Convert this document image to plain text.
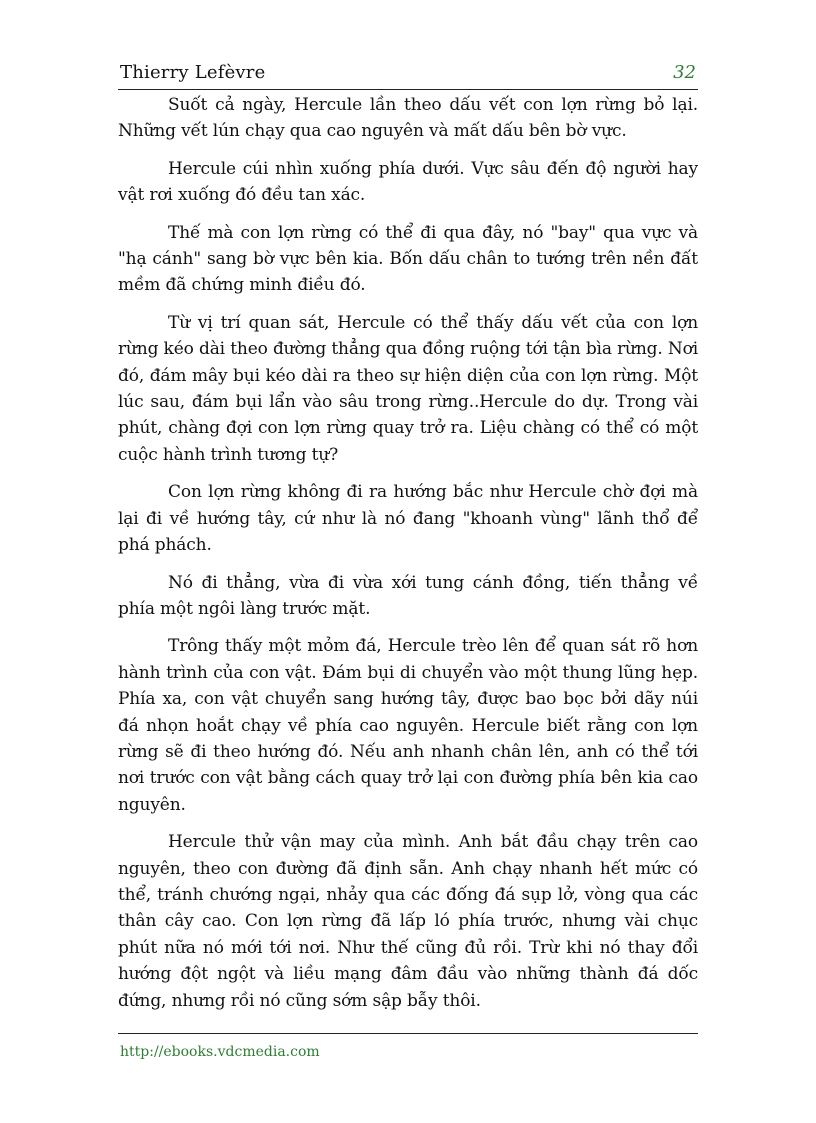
Thierry Lefèvre	32

Suốt cả ngày, Hercule lần theo dấu vết con lợn rừng bỏ lại. Những vết lún chạy qua cao nguyên và mất dấu bên bờ vực.

Hercule cúi nhìn xuống phía dưới. Vực sâu đến độ người hay vật rơi xuống đó đều tan xác.

Thế mà con lợn rừng có thể đi qua đây, nó "bay" qua vực và "hạ cánh" sang bờ vực bên kia. Bốn dấu chân to tướng trên nền đất mềm đã chứng minh điều đó.

Từ vị trí quan sát, Hercule có thể thấy dấu vết của con lợn rừng kéo dài theo đường thẳng qua đồng ruộng tới tận bìa rừng. Nơi đó, đám mây bụi kéo dài ra theo sự hiện diện của con lợn rừng. Một lúc sau, đám bụi lẩn vào sâu trong rừng..Hercule do dự. Trong vài phút, chàng đợi con lợn rừng quay trở ra. Liệu chàng có thể có một cuộc hành trình tương tự?

Con lợn rừng không đi ra hướng bắc như Hercule chờ đợi mà lại đi về hướng tây, cứ như là nó đang "khoanh vùng" lãnh thổ để phá phách.

Nó đi thẳng, vừa đi vừa xới tung cánh đồng, tiến thẳng về phía một ngôi làng trước mặt.

Trông thấy một mỏm đá, Hercule trèo lên để quan sát rõ hơn hành trình của con vật. Đám bụi di chuyển vào một thung lũng hẹp. Phía xa, con vật chuyển sang hướng tây, được bao bọc bởi dãy núi đá nhọn hoắt chạy về phía cao nguyên. Hercule biết rằng con lợn rừng sẽ đi theo hướng đó. Nếu anh nhanh chân lên, anh có thể tới nơi trước con vật bằng cách quay trở lại con đường phía bên kia cao nguyên.

Hercule thử vận may của mình. Anh bắt đầu chạy trên cao nguyên, theo con đường đã định sẵn. Anh chạy nhanh hết mức có thể, tránh chướng ngại, nhảy qua các đống đá sụp lở, vòng qua các thân cây cao. Con lợn rừng đã lấp ló phía trước, nhưng vài chục phút nữa nó mới tới nơi. Như thế cũng đủ rồi. Trừ khi nó thay đổi hướng đột ngột và liều mạng đâm đầu vào những thành đá dốc đứng, nhưng rồi nó cũng sớm sập bẫy thôi.

http://ebooks.vdcmedia.com
